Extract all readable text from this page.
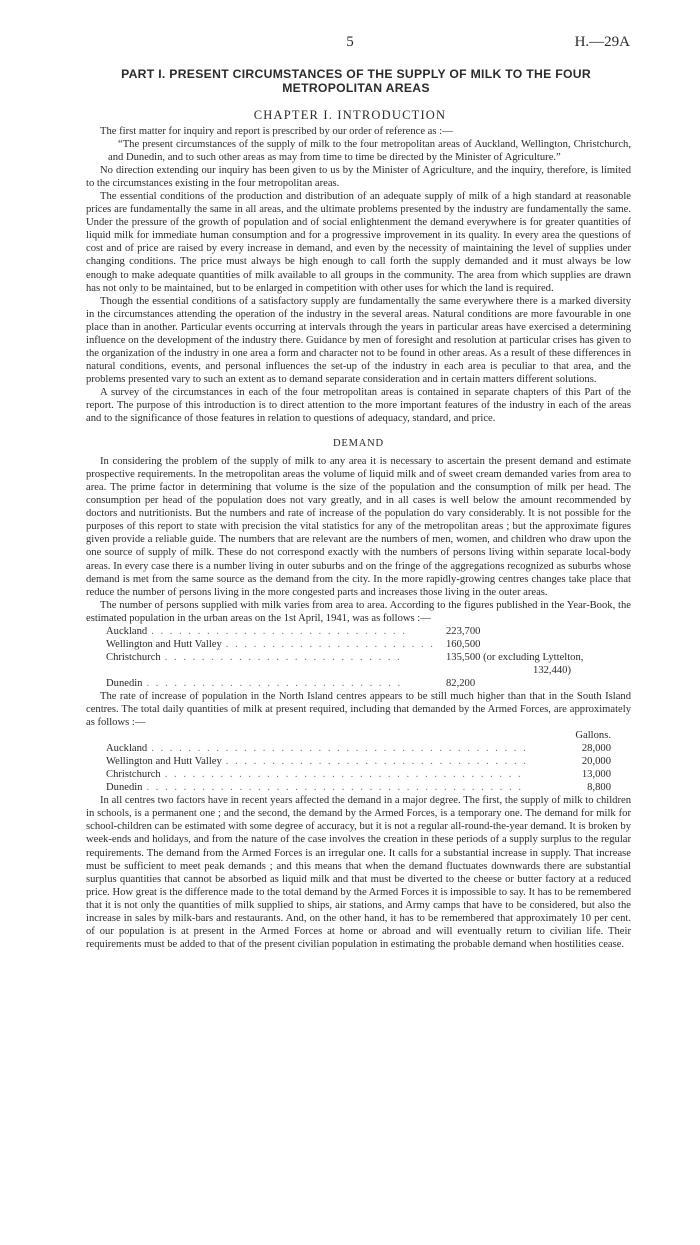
5	H.—29A
PART I. PRESENT CIRCUMSTANCES OF THE SUPPLY OF MILK TO THE FOUR METROPOLITAN AREAS
CHAPTER I. INTRODUCTION

The first matter for inquiry and report is prescribed by our order of reference as :—

“The present circumstances of the supply of milk to the four metropolitan areas of Auckland, Wellington, Christchurch, and Dunedin, and to such other areas as may from time to time be directed by the Minister of Agriculture.”

No direction extending our inquiry has been given to us by the Minister of Agriculture, and the inquiry, therefore, is limited to the circumstances existing in the four metropolitan areas.

The essential conditions of the production and distribution of an adequate supply of milk of a high standard at reasonable prices are fundamentally the same in all areas, and the ultimate problems presented by the industry are fundamentally the same. Under the pressure of the growth of population and of social enlightenment the demand everywhere is for greater quantities of liquid milk for immediate human consumption and for a progressive improvement in its quality. In every area the questions of cost and of price are raised by every increase in demand, and even by the necessity of maintaining the level of supplies under changing conditions. The price must always be high enough to call forth the supply demanded and it must always be low enough to make adequate quantities of milk available to all groups in the community. The area from which supplies are drawn has not only to be maintained, but to be enlarged in competition with other uses for which the land is required.

Though the essential conditions of a satisfactory supply are fundamentally the same everywhere there is a marked diversity in the circumstances attending the operation of the industry in the several areas. Natural conditions are more favourable in one place than in another. Particular events occurring at intervals through the years in particular areas have exercised a determining influence on the development of the industry there. Guidance by men of foresight and resolution at particular crises has given to the organization of the industry in one area a form and character not to be found in other areas. As a result of these differences in natural conditions, events, and personal influences the set-up of the industry in each area is peculiar to that area, and the problems presented vary to such an extent as to demand separate consideration and in certain matters different solutions.

A survey of the circumstances in each of the four metropolitan areas is contained in separate chapters of this Part of the report. The purpose of this introduction is to direct attention to the more important features of the industry in each of the areas and to the significance of those features in relation to questions of adequacy, standard, and price.

DEMAND

In considering the problem of the supply of milk to any area it is necessary to ascertain the present demand and estimate prospective requirements. In the metropolitan areas the volume of liquid milk and of sweet cream demanded varies from area to area. The prime factor in determining that volume is the size of the population and the consumption of milk per head. The consumption per head of the population does not vary greatly, and in all cases is well below the amount recommended by doctors and nutritionists. But the numbers and rate of increase of the population do vary considerably. It is not possible for the purposes of this report to state with precision the vital statistics for any of the metropolitan areas ; but the approximate figures given provide a reliable guide. The numbers that are relevant are the numbers of men, women, and children who draw upon the one source of supply of milk. These do not correspond exactly with the numbers of persons living within separate local-body areas. In every case there is a number living in outer suburbs and on the fringe of the aggregations recognized as suburbs whose demand is met from the same source as the demand from the city. In the more rapidly-growing centres changes take place that reduce the number of persons living in the more congested parts and increases those living in the outer areas.

The number of persons supplied with milk varies from area to area. According to the figures published in the Year-Book, the estimated population in the urban areas on the 1st April, 1941, was as follows :—

Auckland . . . . . . . . . . . . . . . . . . . . . . . . . . . .	223,700
Wellington and Hutt Valley . . . . . . . . . . . . . . . . . . . . . . .	160,500
Christchurch . . . . . . . . . . . . . . . . . . . . . . . . . .	135,500 (or excluding Lyttelton,
	132,440)
Dunedin . . . . . . . . . . . . . . . . . . . . . . . . . . . .	82,200

The rate of increase of population in the North Island centres appears to be still much higher than that in the South Island centres. The total daily quantities of milk at present required, including that demanded by the Armed Forces, are approximately as follows :—

Gallons.
Auckland . . . . . . . . . . . . . . . . . . . . . . . . . . . . . . . . . . . . . . . . .	28,000
Wellington and Hutt Valley . . . . . . . . . . . . . . . . . . . . . . . . . . . . . . . . .	20,000
Christchurch . . . . . . . . . . . . . . . . . . . . . . . . . . . . . . . . . . . . . . .	13,000
Dunedin . . . . . . . . . . . . . . . . . . . . . . . . . . . . . . . . . . . . . . . . .	8,800

In all centres two factors have in recent years affected the demand in a major degree. The first, the supply of milk to children in schools, is a permanent one ; and the second, the demand by the Armed Forces, is a temporary one. The demand for milk for school-children can be estimated with some degree of accuracy, but it is not a regular all-round-the-year demand. It is broken by week-ends and holidays, and from the nature of the case involves the creation in these periods of a supply surplus to the regular requirements. The demand from the Armed Forces is an irregular one. It calls for a substantial increase in supply. That increase must be sufficient to meet peak demands ; and this means that when the demand fluctuates downwards there are substantial surplus quantities that cannot be absorbed as liquid milk and that must be diverted to the cheese or butter factory at a reduced price. How great is the difference made to the total demand by the Armed Forces it is impossible to say. It has to be remembered that it is not only the quantities of milk supplied to ships, air stations, and Army camps that have to be considered, but also the increase in sales by milk-bars and restaurants. And, on the other hand, it has to be remembered that approximately 10 per cent. of our population is at present in the Armed Forces at home or abroad and will eventually return to civilian life. Their requirements must be added to that of the present civilian population in estimating the probable demand when hostilities cease.
